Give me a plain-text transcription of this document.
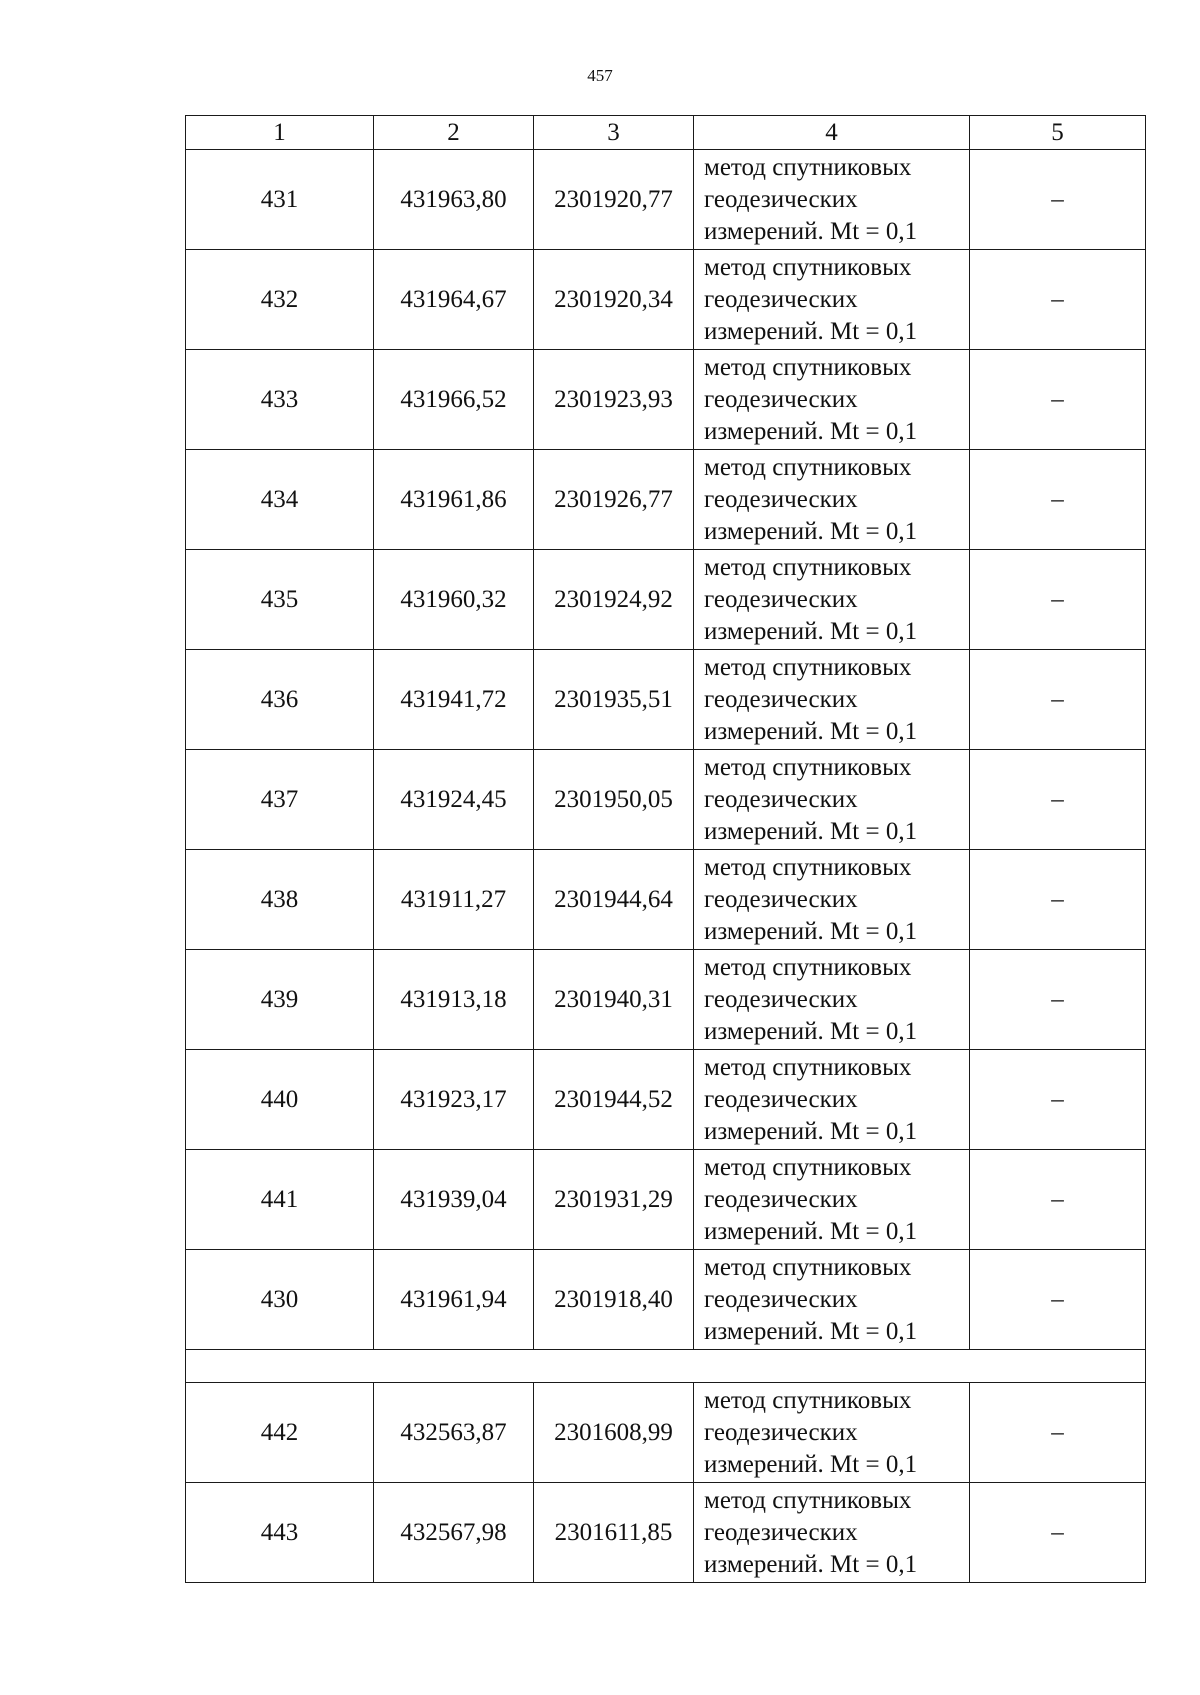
457
1	2	3	4	5
431	431963,80	2301920,77	метод спутниковых
геодезических
измерений. Mt = 0,1	–
432	431964,67	2301920,34	метод спутниковых
геодезических
измерений. Mt = 0,1	–
433	431966,52	2301923,93	метод спутниковых
геодезических
измерений. Mt = 0,1	–
434	431961,86	2301926,77	метод спутниковых
геодезических
измерений. Mt = 0,1	–
435	431960,32	2301924,92	метод спутниковых
геодезических
измерений. Mt = 0,1	–
436	431941,72	2301935,51	метод спутниковых
геодезических
измерений. Mt = 0,1	–
437	431924,45	2301950,05	метод спутниковых
геодезических
измерений. Mt = 0,1	–
438	431911,27	2301944,64	метод спутниковых
геодезических
измерений. Mt = 0,1	–
439	431913,18	2301940,31	метод спутниковых
геодезических
измерений. Mt = 0,1	–
440	431923,17	2301944,52	метод спутниковых
геодезических
измерений. Mt = 0,1	–
441	431939,04	2301931,29	метод спутниковых
геодезических
измерений. Mt = 0,1	–
430	431961,94	2301918,40	метод спутниковых
геодезических
измерений. Mt = 0,1	–

442	432563,87	2301608,99	метод спутниковых
геодезических
измерений. Mt = 0,1	–
443	432567,98	2301611,85	метод спутниковых
геодезических
измерений. Mt = 0,1	–
